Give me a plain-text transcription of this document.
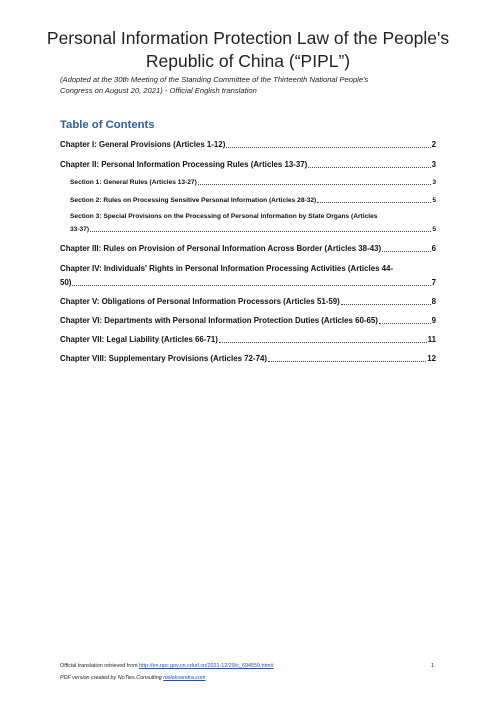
Personal Information Protection Law of the People's
Republic of China (“PIPL”)
(Adopted at the 30th Meeting of the Standing Committee of the Thirteenth National People's
Congress on August 20, 2021) - Official English translation
Table of Contents
Chapter I: General Provisions (Articles 1-12)	2
Chapter II: Personal Information Processing Rules (Articles 13-37)	3
Section 1: General Rules (Articles 13-27)	3
Section 2: Rules on Processing Sensitive Personal Information (Articles 28-32)	5
Section 3: Special Provisions on the Processing of Personal Information by State Organs (Articles
33-37)	5
Chapter III: Rules on Provision of Personal Information Across Border (Articles 38-43)	6
Chapter IV: Individuals' Rights in Personal Information Processing Activities (Articles 44-
50)	7
Chapter V: Obligations of Personal Information Processors (Articles 51-59)	8
Chapter VI: Departments with Personal Information Protection Duties (Articles 60-65)	9
Chapter VII: Legal Liability (Articles 66-71)	11
Chapter VIII: Supplementary Provisions (Articles 72-74)	12
Official translation retrieved from http://en.npc.gov.cn.cdurl.cn/2021-12/29/c_694559.htm#	1
PDF version created by NoTies.Consulting nieleksandra.com
